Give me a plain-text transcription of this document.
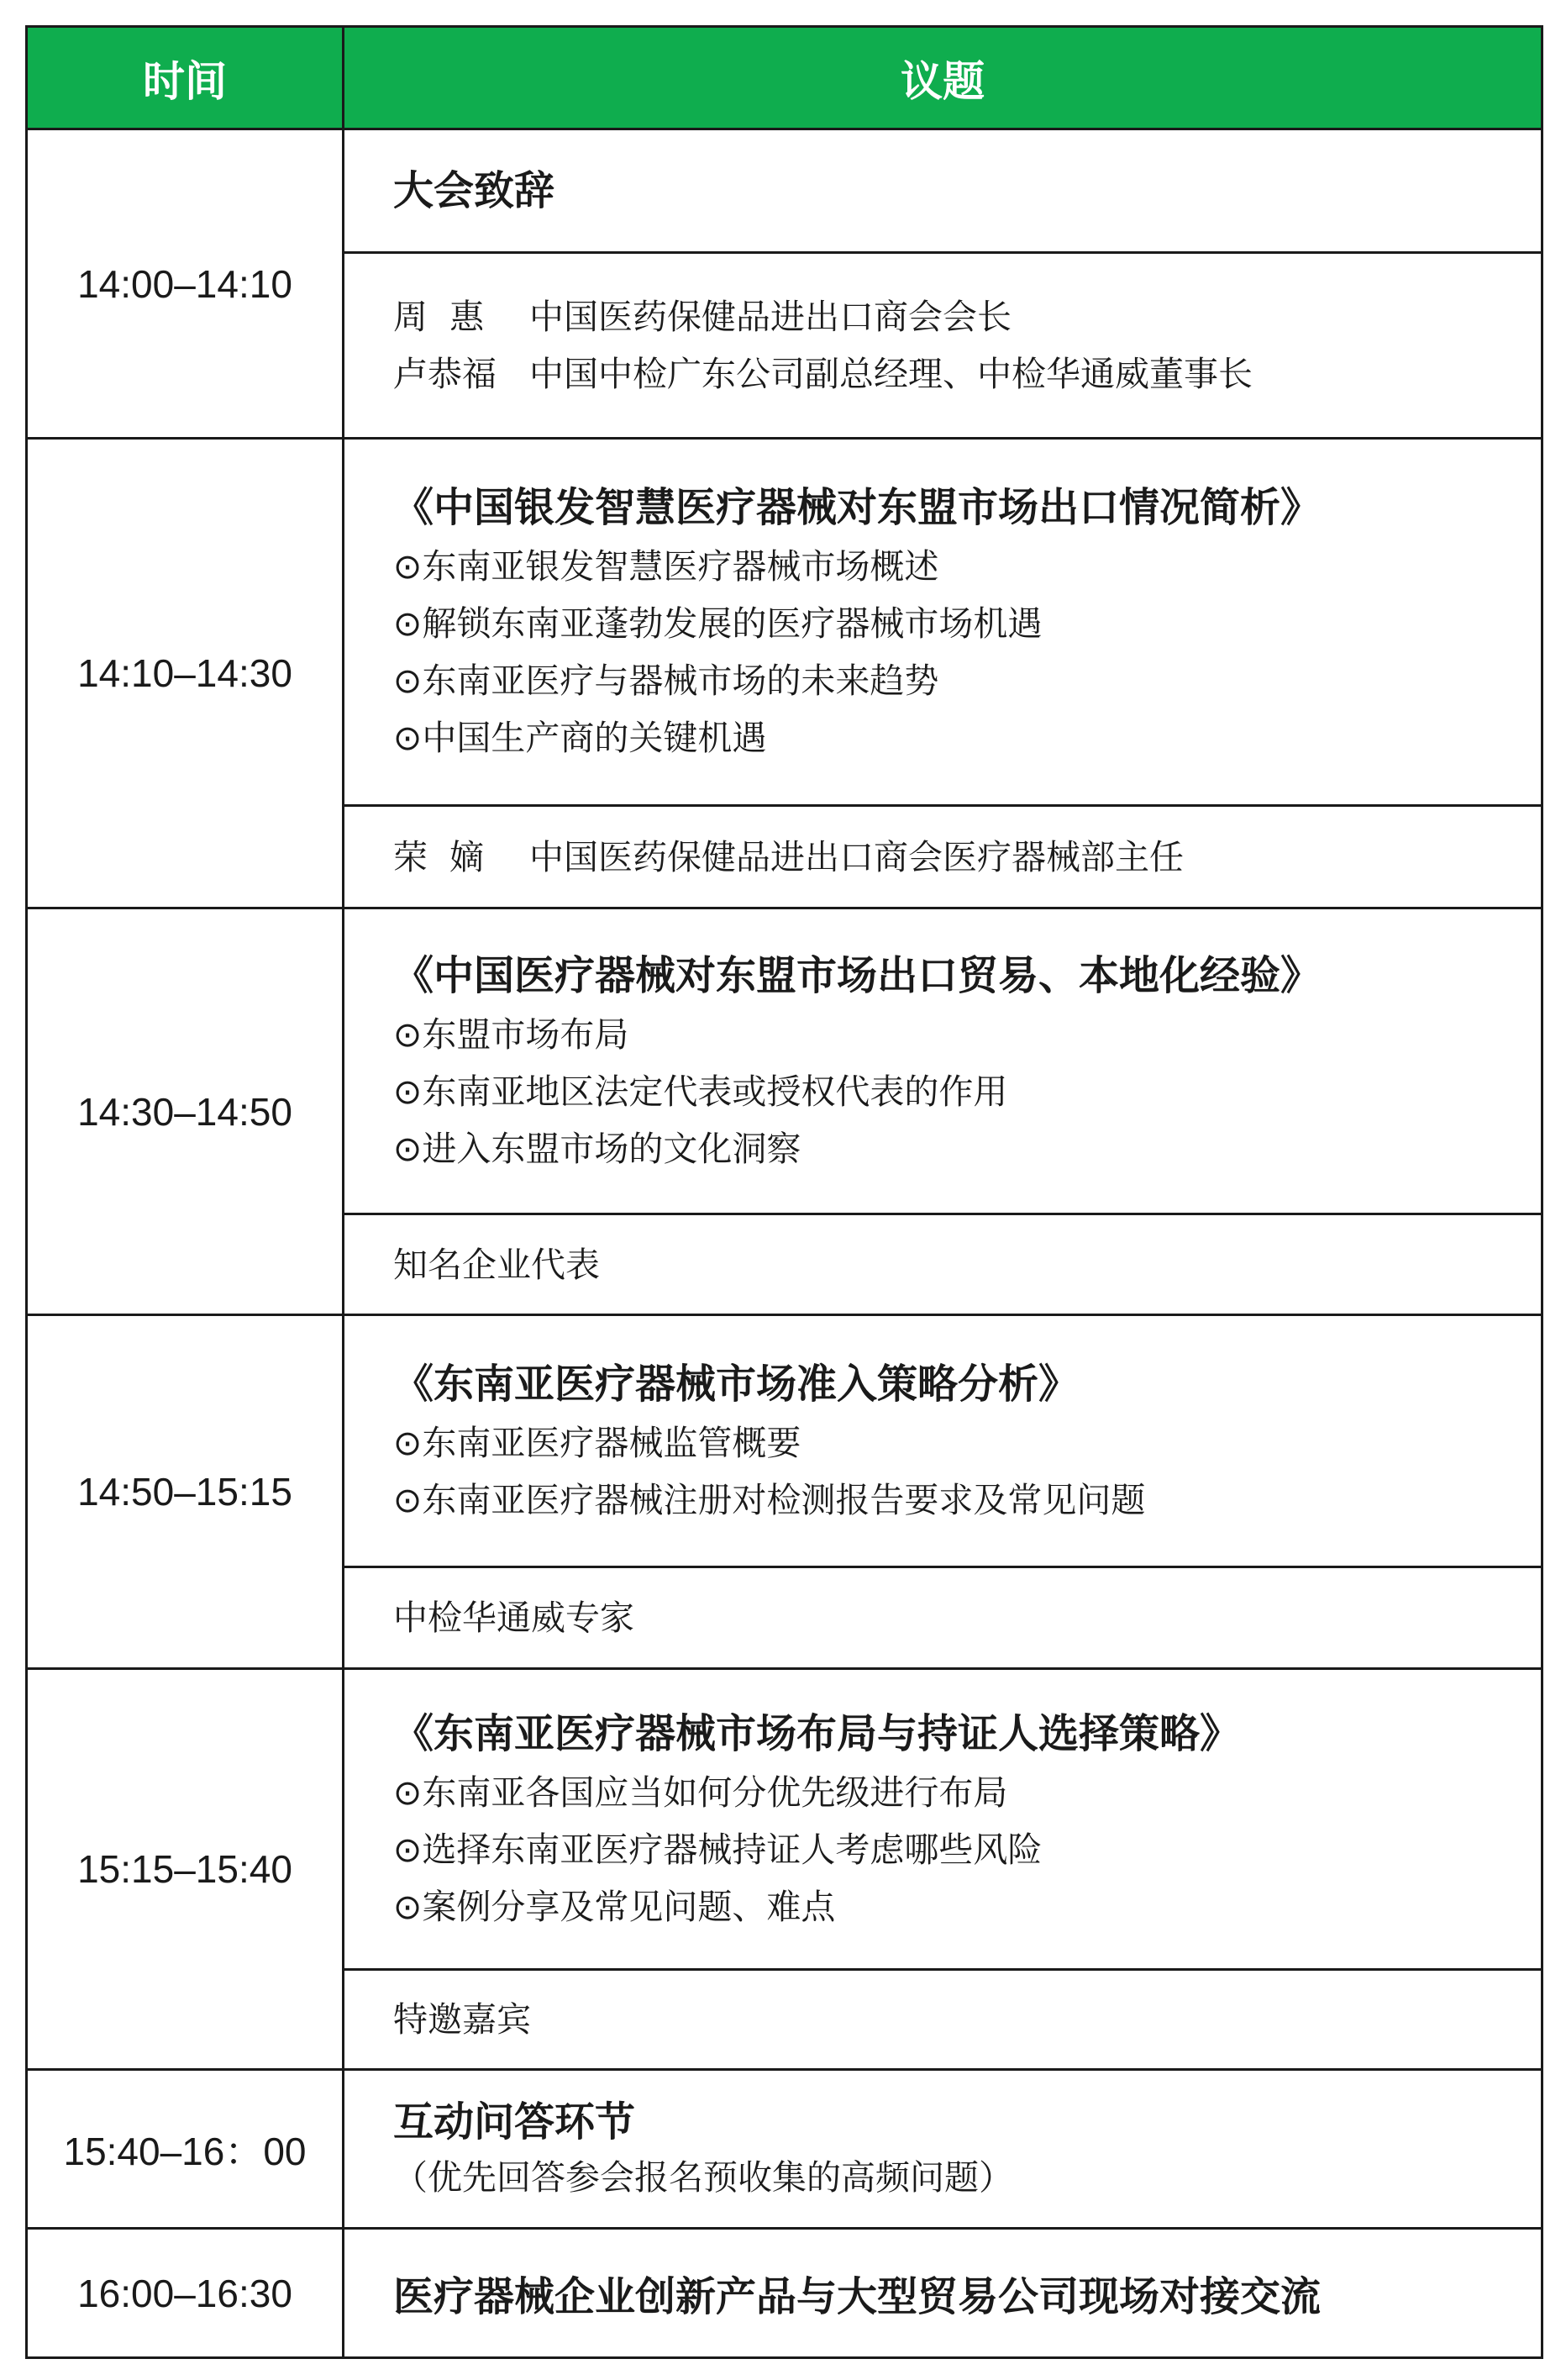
时间	议题
14:00–14:10	大会致辞

	周  惠 中国医药保健品进出口商会会长
卢恭福 中国中检广东公司副总经理、中检华通威董事长

14:10–14:30	《中国银发智慧医疗器械对东盟市场出口情况简析》
⊙东南亚银发智慧医疗器械市场概述
⊙解锁东南亚蓬勃发展的医疗器械市场机遇
⊙东南亚医疗与器械市场的未来趋势
⊙中国生产商的关键机遇

	荣  嫡 中国医药保健品进出口商会医疗器械部主任

14:30–14:50	《中国医疗器械对东盟市场出口贸易、本地化经验》
⊙东盟市场布局
⊙东南亚地区法定代表或授权代表的作用
⊙进入东盟市场的文化洞察

	知名企业代表

14:50–15:15	《东南亚医疗器械市场准入策略分析》
⊙东南亚医疗器械监管概要
⊙东南亚医疗器械注册对检测报告要求及常见问题

	中检华通威专家

15:15–15:40	《东南亚医疗器械市场布局与持证人选择策略》
⊙东南亚各国应当如何分优先级进行布局
⊙选择东南亚医疗器械持证人考虑哪些风险
⊙案例分享及常见问题、难点

	特邀嘉宾

15:40–16：00	互动问答环节
（优先回答参会报名预收集的高频问题）

16:00–16:30	医疗器械企业创新产品与大型贸易公司现场对接交流
